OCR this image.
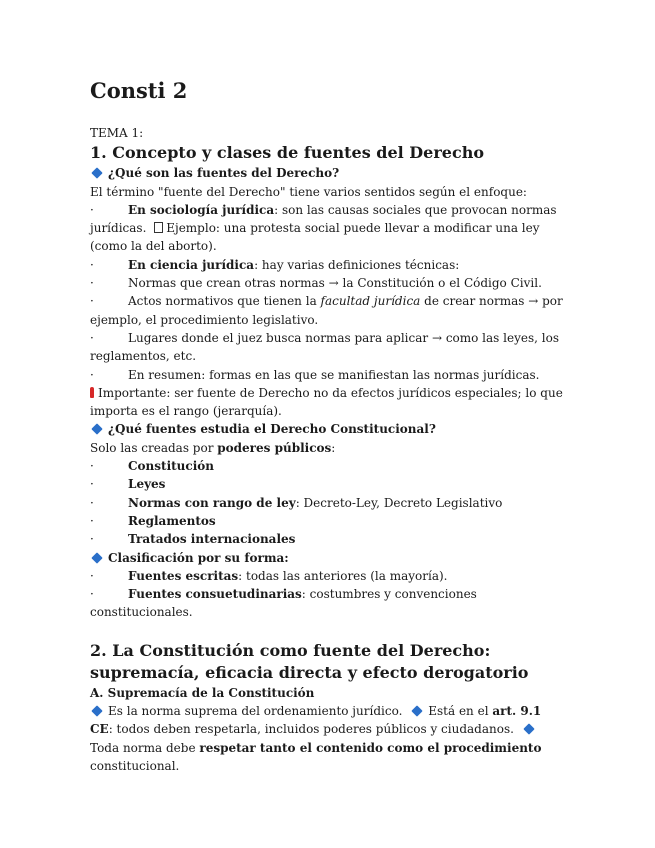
Consti 2

TEMA 1:

1. Concepto y clases de fuentes del Derecho

¿Qué son las fuentes del Derecho?

El término "fuente del Derecho" tiene varios sentidos según el enfoque:

·	En sociología jurídica: son las causas sociales que provocan normas jurídicas. Ejemplo: una protesta social puede llevar a modificar una ley (como la del aborto).

·	En ciencia jurídica: hay varias definiciones técnicas:

·	Normas que crean otras normas → la Constitución o el Código Civil.

·	Actos normativos que tienen la facultad jurídica de crear normas → por ejemplo, el procedimiento legislativo.

·	Lugares donde el juez busca normas para aplicar → como las leyes, los reglamentos, etc.

·	En resumen: formas en las que se manifiestan las normas jurídicas.

Importante: ser fuente de Derecho no da efectos jurídicos especiales; lo que importa es el rango (jerarquía).

¿Qué fuentes estudia el Derecho Constitucional?

Solo las creadas por poderes públicos:

·	Constitución

·	Leyes

·	Normas con rango de ley: Decreto-Ley, Decreto Legislativo

·	Reglamentos

·	Tratados internacionales

Clasificación por su forma:

·	Fuentes escritas: todas las anteriores (la mayoría).

·	Fuentes consuetudinarias: costumbres y convenciones constitucionales.

2. La Constitución como fuente del Derecho: supremacía, eficacia directa y efecto derogatorio

A. Supremacía de la Constitución

Es la norma suprema del ordenamiento jurídico. Está en el art. 9.1 CE: todos deben respetarla, incluidos poderes públicos y ciudadanos. Toda norma debe respetar tanto el contenido como el procedimiento constitucional.
